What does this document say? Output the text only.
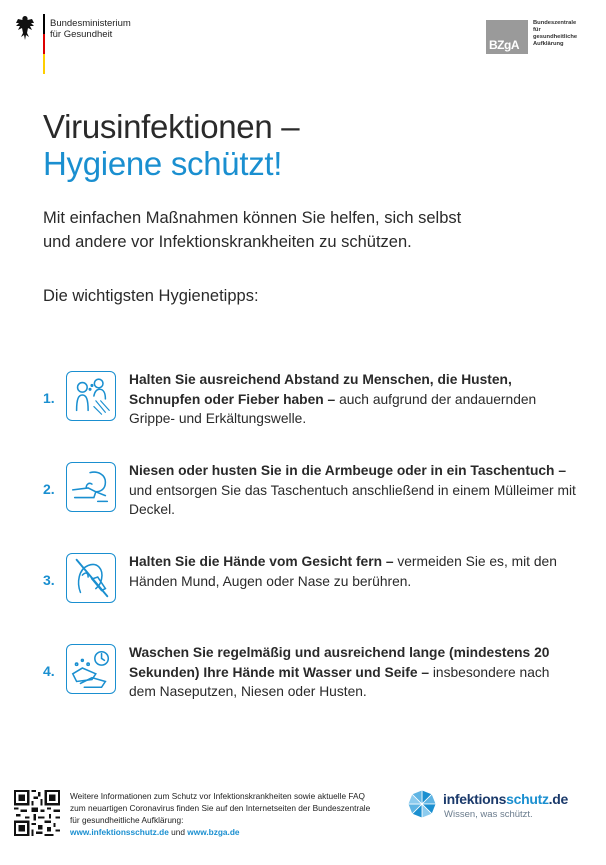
Bundesministerium
für Gesundheit
BZgA
Bundeszentrale
für
gesundheitliche
Aufklärung
Virusinfektionen –
Hygiene schützt!
Mit einfachen Maßnahmen können Sie helfen, sich selbst
und andere vor Infektionskrankheiten zu schützen.
Die wichtigsten Hygienetipps:
1.
Halten Sie ausreichend Abstand zu Menschen, die Husten, Schnupfen oder Fieber haben – auch aufgrund der andauernden Grippe- und Erkältungswelle.
2.
Niesen oder husten Sie in die Armbeuge oder in ein Taschentuch – und entsorgen Sie das Taschentuch anschließend in einem Mülleimer mit Deckel.
3.
Halten Sie die Hände vom Gesicht fern – vermeiden Sie es, mit den Händen Mund, Augen oder Nase zu berühren.
4.
Waschen Sie regelmäßig und ausreichend lange (mindestens 20 Sekunden) Ihre Hände mit Wasser und Seife – insbesondere nach dem Naseputzen, Niesen oder Husten.
Weitere Informationen zum Schutz vor Infektionskrankheiten sowie aktuelle FAQ zum neuartigen Coronavirus finden Sie auf den Internetseiten der Bundeszentrale für gesundheitliche Aufklärung:
www.infektionsschutz.de und www.bzga.de
infektionsschutz.de
Wissen, was schützt.
